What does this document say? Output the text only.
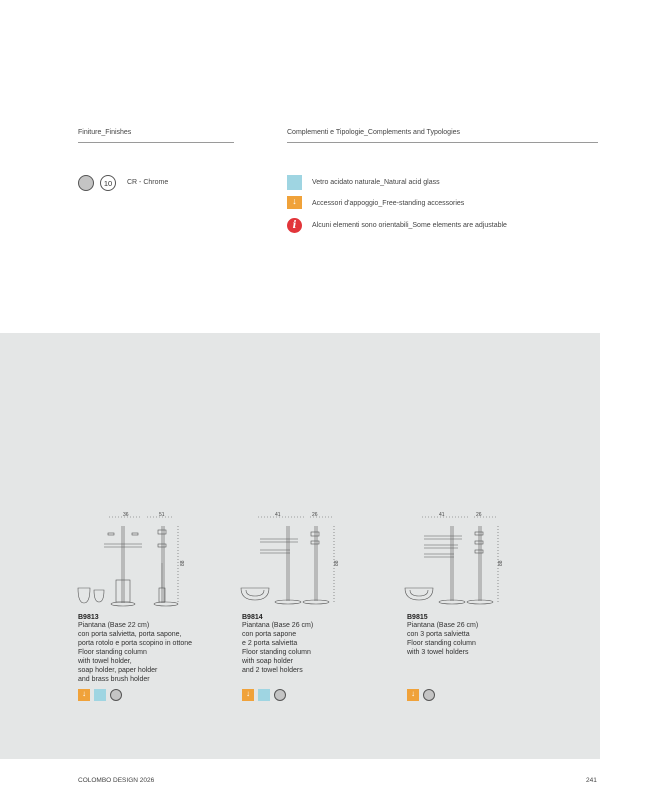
Finiture_Finishes	Complementi e Tipologie_Complements and Typologies
10	CR - Chrome	Vetro acidato naturale_Natural acid glass
↓	Accessori d'appoggio_Free-standing accessories
i	Alcuni elementi sono orientabili_Some elements are adjustable
36	51
88
41	26
88
41	26
88
B9813
Piantana (Base 22 cm)
con porta salvietta, porta sapone,
porta rotolo e porta scopino in ottone
Floor standing column
with towel holder,
soap holder, paper holder
and brass brush holder
↓
B9814
Piantana (Base 26 cm)
con porta sapone
e 2 porta salvietta
Floor standing column
with soap holder
and 2 towel holders
↓
B9815
Piantana (Base 26 cm)
con 3 porta salvietta
Floor standing column
with 3 towel holders
↓
COLOMBO DESIGN 2026	241
